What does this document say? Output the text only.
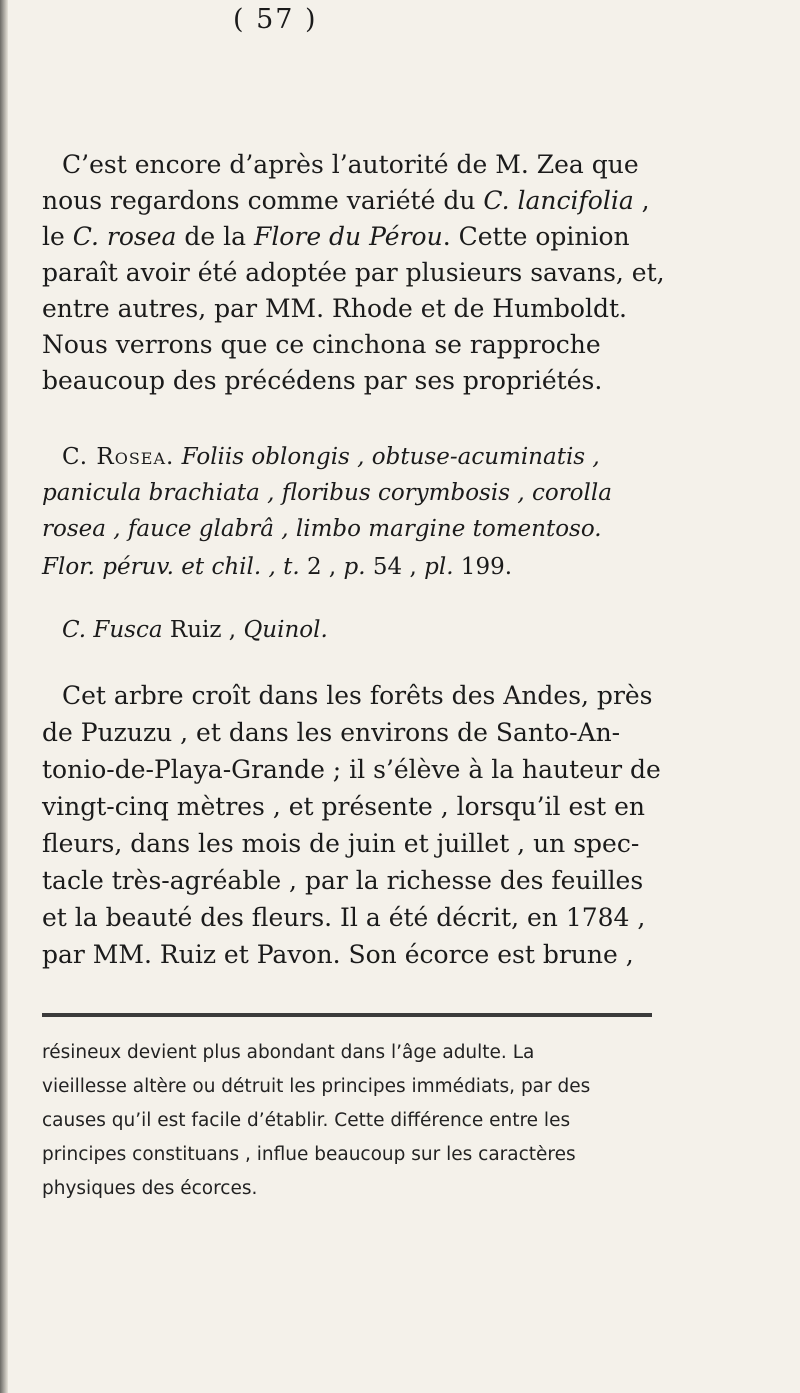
( 57 )
C’est encore d’après l’autorité de M. Zea que
nous regardons comme variété du C. lancifolia ,
le C. rosea de la Flore du Pérou. Cette opinion
paraît avoir été adoptée par plusieurs savans, et,
entre autres, par MM. Rhode et de Humboldt.
Nous verrons que ce cinchona se rapproche
beaucoup des précédens par ses propriétés.
C. Rosea. Foliis oblongis , obtuse-acuminatis ,
panicula brachiata , floribus corymbosis , corolla
rosea , fauce glabrâ , limbo margine tomentoso.
Flor. péruv. et chil. , t. 2 , p. 54 , pl. 199.
C. Fusca Ruiz , Quinol.
Cet arbre croît dans les forêts des Andes, près
de Puzuzu , et dans les environs de Santo-An-
tonio-de-Playa-Grande ; il s’élève à la hauteur de
vingt-cinq mètres , et présente , lorsqu’il est en
fleurs, dans les mois de juin et juillet , un spec-
tacle très-agréable , par la richesse des feuilles
et la beauté des fleurs. Il a été décrit, en 1784 ,
par MM. Ruiz et Pavon. Son écorce est brune ,
résineux devient plus abondant dans l’âge adulte. La
vieillesse altère ou détruit les principes immédiats, par des
causes qu’il est facile d’établir. Cette différence entre les
principes constituans , influe beaucoup sur les caractères
physiques des écorces.
